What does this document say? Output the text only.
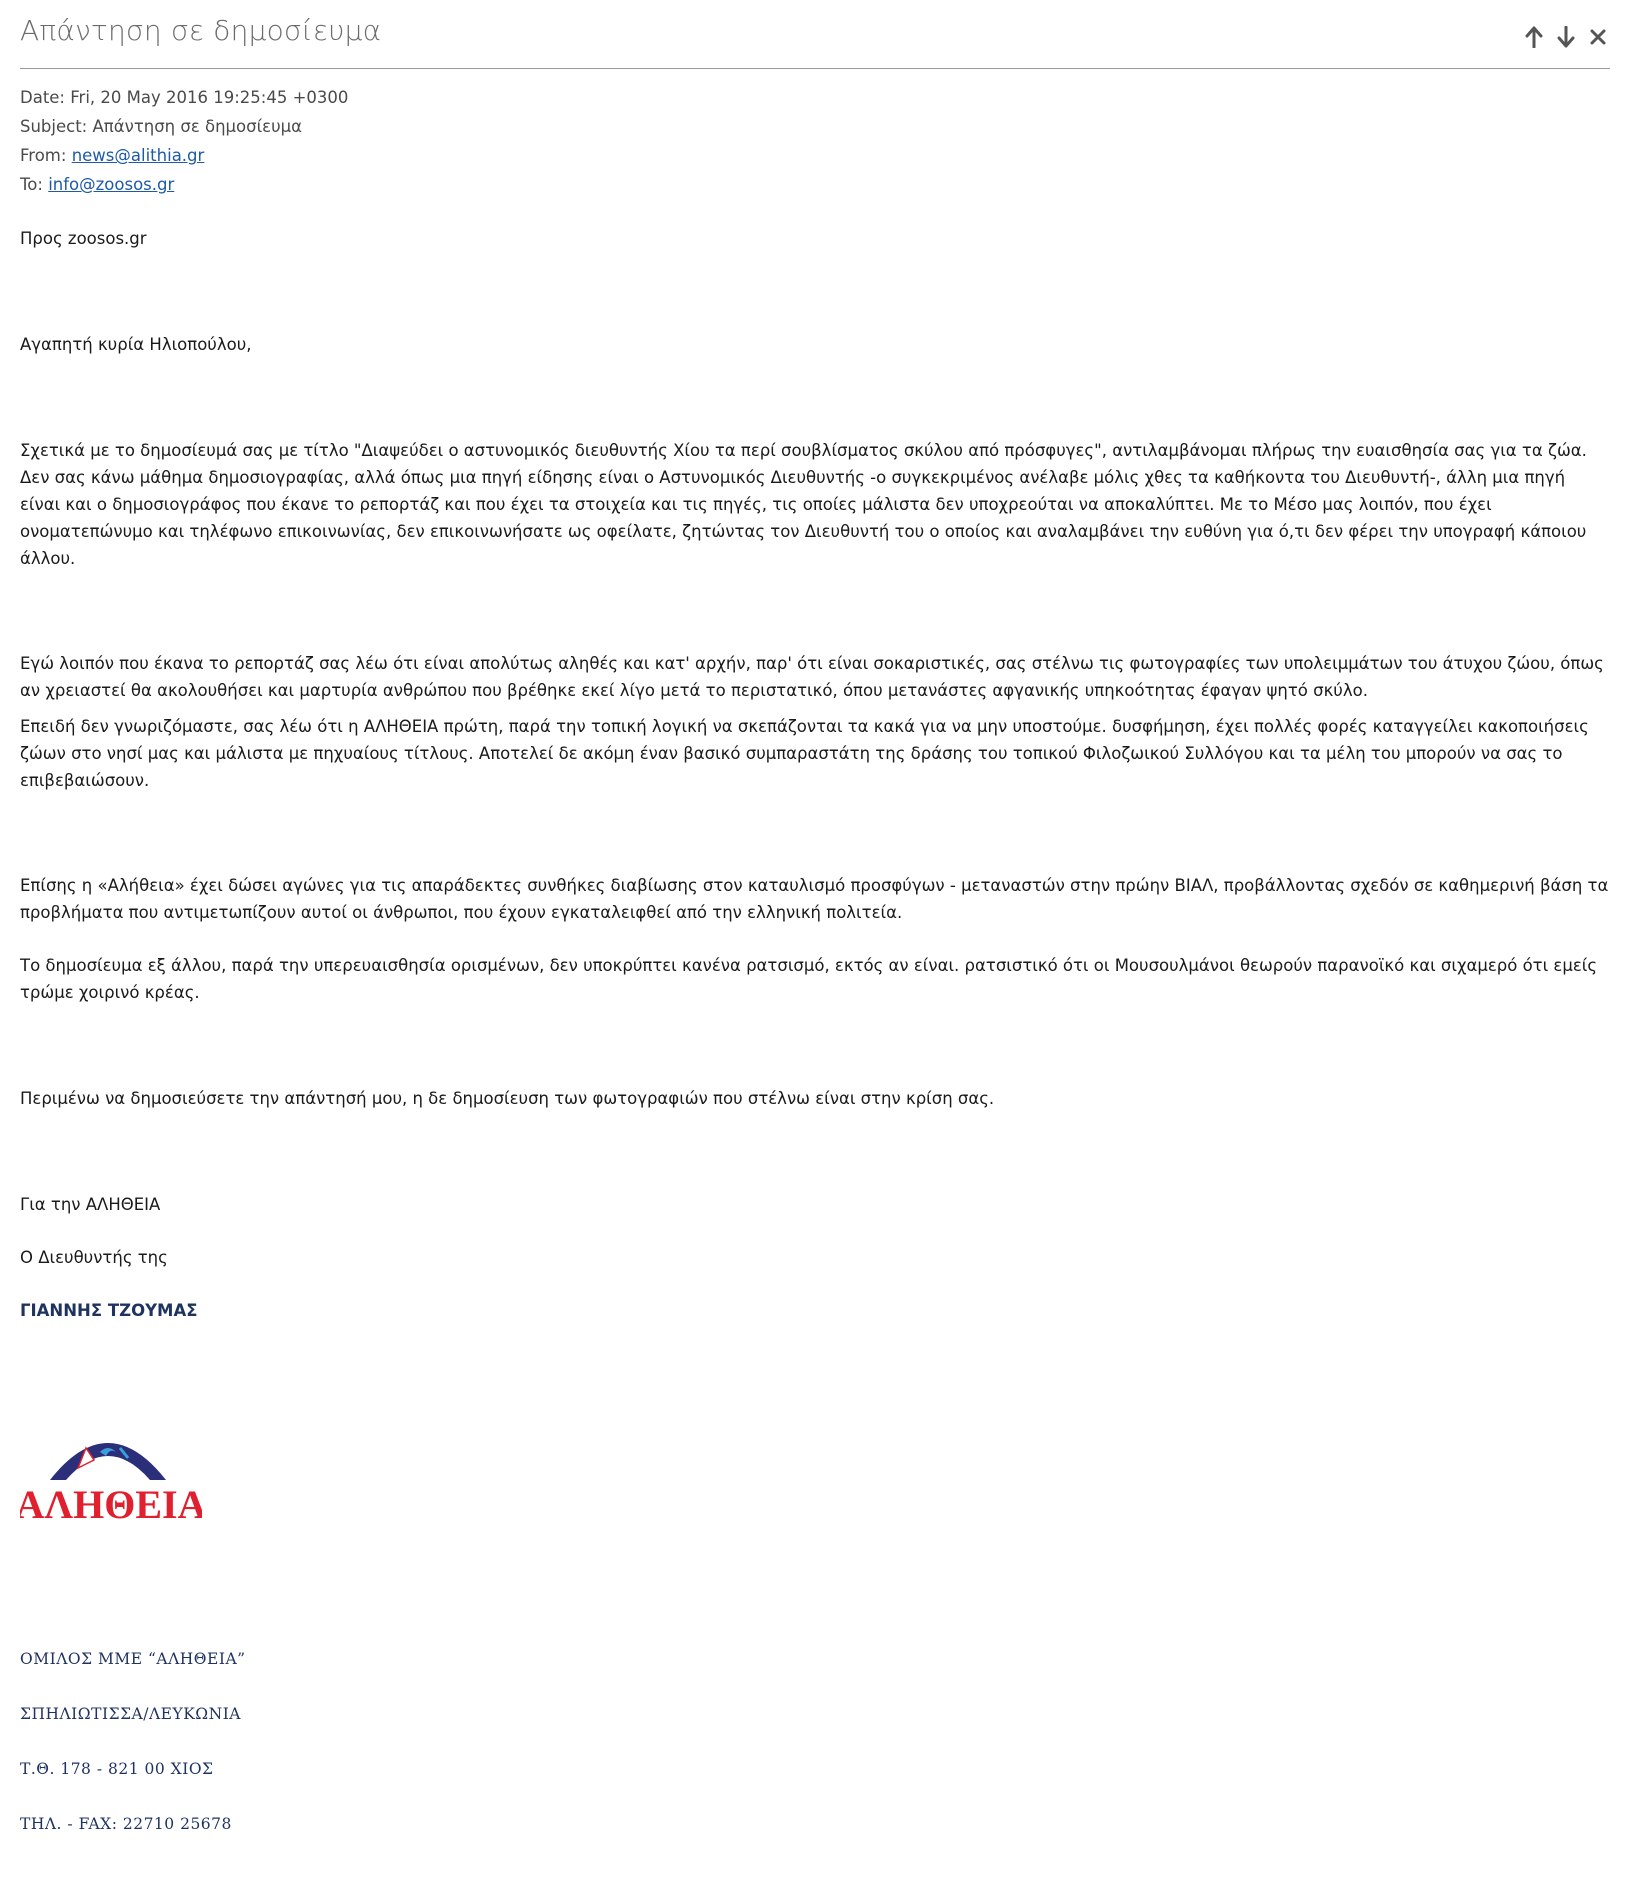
Απάντηση σε δημοσίευμα

Date: Fri, 20 May 2016 19:25:45 +0300

Subject: Απάντηση σε δημοσίευμα

From: news@alithia.gr

To: info@zoosos.gr

Προς zoosos.gr

Αγαπητή κυρία Ηλιοπούλου,

Σχετικά με το δημοσίευμά σας με τίτλο "Διαψεύδει ο αστυνομικός διευθυντής Χίου τα περί σουβλίσματος σκύλου από πρόσφυγες", αντιλαμβάνομαι πλήρως την ευαισθησία σας για τα ζώα. Δεν σας κάνω μάθημα δημοσιογραφίας, αλλά όπως μια πηγή είδησης είναι ο Αστυνομικός Διευθυντής -ο συγκεκριμένος ανέλαβε μόλις χθες τα καθήκοντα του Διευθυντή-, άλλη μια πηγή είναι και ο δημοσιογράφος που έκανε το ρεπορτάζ και που έχει τα στοιχεία και τις πηγές, τις οποίες μάλιστα δεν υποχρεούται να αποκαλύπτει. Με το Μέσο μας λοιπόν, που έχει ονοματεπώνυμο και τηλέφωνο επικοινωνίας, δεν επικοινωνήσατε ως οφείλατε, ζητώντας τον Διευθυντή του ο οποίος και αναλαμβάνει την ευθύνη για ό,τι δεν φέρει την υπογραφή κάποιου άλλου.

Εγώ λοιπόν που έκανα το ρεπορτάζ σας λέω ότι είναι απολύτως αληθές και κατ' αρχήν, παρ' ότι είναι σοκαριστικές, σας στέλνω τις φωτογραφίες των υπολειμμάτων του άτυχου ζώου, όπως αν χρειαστεί θα ακολουθήσει και μαρτυρία ανθρώπου που βρέθηκε εκεί λίγο μετά το περιστατικό, όπου μετανάστες αφγανικής υπηκοότητας έφαγαν ψητό σκύλο.

Επειδή δεν γνωριζόμαστε, σας λέω ότι η ΑΛΗΘΕΙΑ πρώτη, παρά την τοπική λογική να σκεπάζονται τα κακά για να μην υποστούμε. δυσφήμηση, έχει πολλές φορές καταγγείλει κακοποιήσεις ζώων στο νησί μας και μάλιστα με πηχυαίους τίτλους. Αποτελεί δε ακόμη έναν βασικό συμπαραστάτη της δράσης του τοπικού Φιλοζωικού Συλλόγου και τα μέλη του μπορούν να σας το επιβεβαιώσουν.

Επίσης η «Αλήθεια» έχει δώσει αγώνες για τις απαράδεκτες συνθήκες διαβίωσης στον καταυλισμό προσφύγων - μεταναστών στην πρώην ΒΙΑΛ, προβάλλοντας σχεδόν σε καθημερινή βάση τα προβλήματα που αντιμετωπίζουν αυτοί οι άνθρωποι, που έχουν εγκαταλειφθεί από την ελληνική πολιτεία.

Το δημοσίευμα εξ άλλου, παρά την υπερευαισθησία ορισμένων, δεν υποκρύπτει κανένα ρατσισμό, εκτός αν είναι. ρατσιστικό ότι οι Μουσουλμάνοι θεωρούν παρανοϊκό και σιχαμερό ότι εμείς τρώμε χοιρινό κρέας.

Περιμένω να δημοσιεύσετε την απάντησή μου, η δε δημοσίευση των φωτογραφιών που στέλνω είναι στην κρίση σας.

Για την ΑΛΗΘΕΙΑ

Ο Διευθυντής της

ΓΙΑΝΝΗΣ ΤΖΟΥΜΑΣ

ΑΛΗΘΕΙΑ
ΟΜΙΛΟΣ ΜΜΕ “ΑΛΗΘΕΙΑ”
ΣΠΗΛΙΩΤΙΣΣΑ/ΛΕΥΚΩΝΙΑ
Τ.Θ. 178 - 821 00 ΧΙΟΣ
ΤΗΛ. - FAX: 22710 25678
